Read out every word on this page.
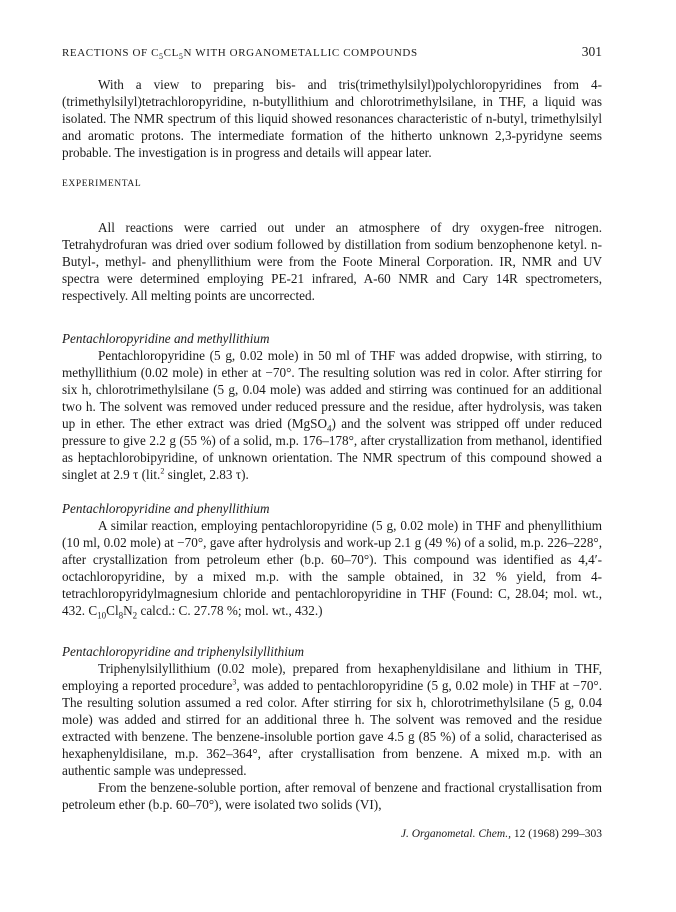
REACTIONS OF $C_5CL_5N$ WITH ORGANOMETALLIC COMPOUNDS	301

With a view to preparing bis- and tris(trimethylsilyl)polychloropyridines from 4-(trimethylsilyl)tetrachloropyridine, n-butyllithium and chlorotrimethylsilane, in THF, a liquid was isolated. The NMR spectrum of this liquid showed resonances characteristic of n-butyl, trimethylsilyl and aromatic protons. The intermediate formation of the hitherto unknown 2,3-pyridyne seems probable. The investigation is in progress and details will appear later.

EXPERIMENTAL

All reactions were carried out under an atmosphere of dry oxygen-free nitrogen. Tetrahydrofuran was dried over sodium followed by distillation from sodium benzophenone ketyl. n-Butyl-, methyl- and phenyllithium were from the Foote Mineral Corporation. IR, NMR and UV spectra were determined employing PE-21 infrared, A-60 NMR and Cary 14R spectrometers, respectively. All melting points are uncorrected.

Pentachloropyridine and methyllithium

Pentachloropyridine (5 g, 0.02 mole) in 50 ml of THF was added dropwise, with stirring, to methyllithium (0.02 mole) in ether at −70°. The resulting solution was red in color. After stirring for six h, chlorotrimethylsilane (5 g, 0.04 mole) was added and stirring was continued for an additional two h. The solvent was removed under reduced pressure and the residue, after hydrolysis, was taken up in ether. The ether extract was dried (MgSO$_4$) and the solvent was stripped off under reduced pressure to give 2.2 g (55 %) of a solid, m.p. 176–178°, after crystallization from methanol, identified as heptachlorobipyridine, of unknown orientation. The NMR spectrum of this compound showed a singlet at 2.9 τ (lit.$^2$ singlet, 2.83 τ).

Pentachloropyridine and phenyllithium

A similar reaction, employing pentachloropyridine (5 g, 0.02 mole) in THF and phenyllithium (10 ml, 0.02 mole) at −70°, gave after hydrolysis and work-up 2.1 g (49 %) of a solid, m.p. 226–228°, after crystallization from petroleum ether (b.p. 60–70°). This compound was identified as 4,4′-octachloropyridine, by a mixed m.p. with the sample obtained, in 32 % yield, from 4-tetrachloropyridylmagnesium chloride and pentachloropyridine in THF (Found: C, 28.04; mol. wt., 432. $C_{10}Cl_8N_2$ calcd.: C. 27.78 %; mol. wt., 432.)

Pentachloropyridine and triphenylsilyllithium

Triphenylsilyllithium (0.02 mole), prepared from hexaphenyldisilane and lithium in THF, employing a reported procedure$^3$, was added to pentachloropyridine (5 g, 0.02 mole) in THF at −70°. The resulting solution assumed a red color. After stirring for six h, chlorotrimethylsilane (5 g, 0.04 mole) was added and stirred for an additional three h. The solvent was removed and the residue extracted with benzene. The benzene-insoluble portion gave 4.5 g (85 %) of a solid, characterised as hexaphenyldisilane, m.p. 362–364°, after crystallisation from benzene. A mixed m.p. with an authentic sample was undepressed.

From the benzene-soluble portion, after removal of benzene and fractional crystallisation from petroleum ether (b.p. 60–70°), were isolated two solids (VI),

J. Organometal. Chem., 12 (1968) 299–303
